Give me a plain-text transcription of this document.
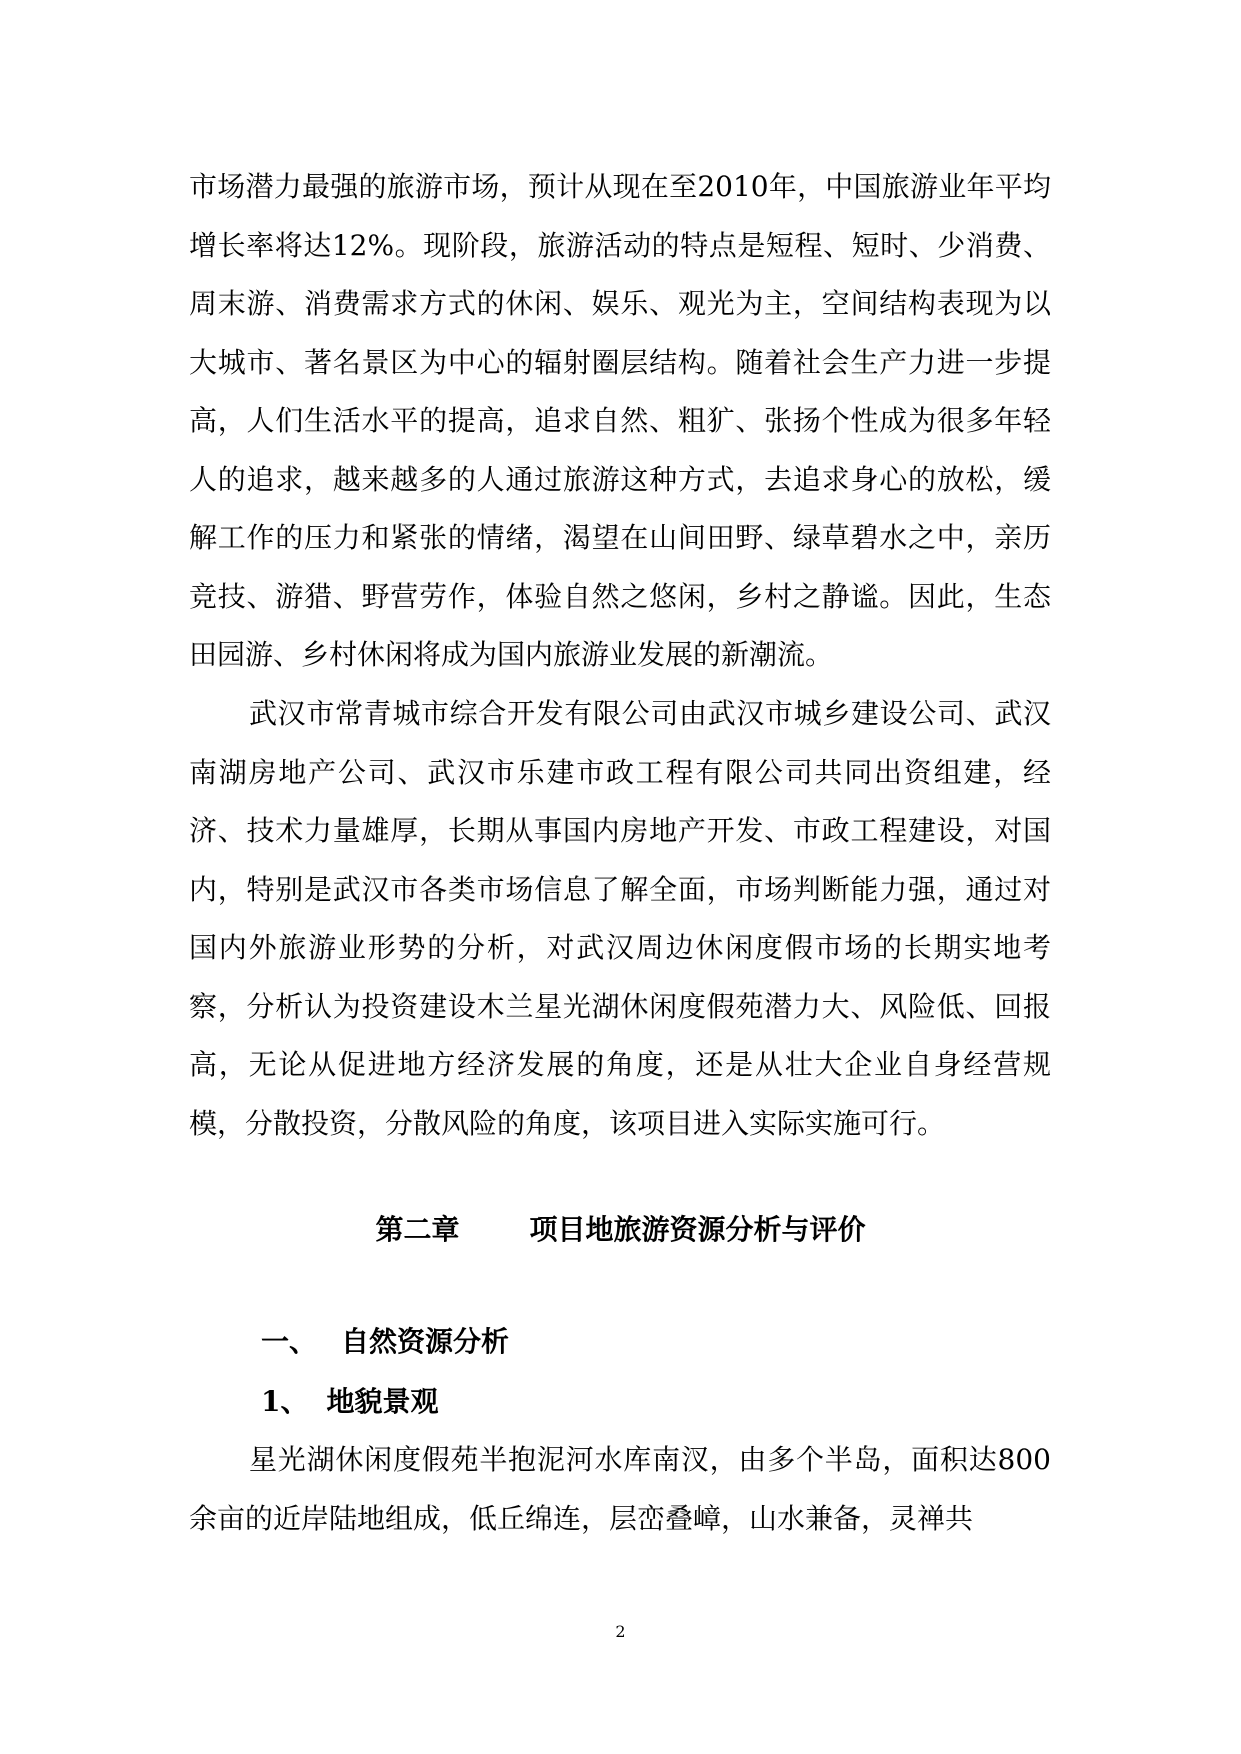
市场潜力最强的旅游市场，预计从现在至2010年，中国旅游业年平均增长率将达12%。现阶段，旅游活动的特点是短程、短时、少消费、周末游、消费需求方式的休闲、娱乐、观光为主，空间结构表现为以大城市、著名景区为中心的辐射圈层结构。随着社会生产力进一步提高，人们生活水平的提高，追求自然、粗犷、张扬个性成为很多年轻人的追求，越来越多的人通过旅游这种方式，去追求身心的放松，缓解工作的压力和紧张的情绪，渴望在山间田野、绿草碧水之中，亲历竞技、游猎、野营劳作，体验自然之悠闲，乡村之静谧。因此，生态田园游、乡村休闲将成为国内旅游业发展的新潮流。

武汉市常青城市综合开发有限公司由武汉市城乡建设公司、武汉南湖房地产公司、武汉市乐建市政工程有限公司共同出资组建，经济、技术力量雄厚，长期从事国内房地产开发、市政工程建设，对国内，特别是武汉市各类市场信息了解全面，市场判断能力强，通过对国内外旅游业形势的分析，对武汉周边休闲度假市场的长期实地考察，分析认为投资建设木兰星光湖休闲度假苑潜力大、风险低、回报高，无论从促进地方经济发展的角度，还是从壮大企业自身经营规模，分散投资，分散风险的角度，该项目进入实际实施可行。

第二章	项目地旅游资源分析与评价
一、 自然资源分析
1、 地貌景观

星光湖休闲度假苑半抱泥河水库南汊，由多个半岛，面积达800余亩的近岸陆地组成，低丘绵连，层峦叠嶂，山水兼备，灵禅共

2
